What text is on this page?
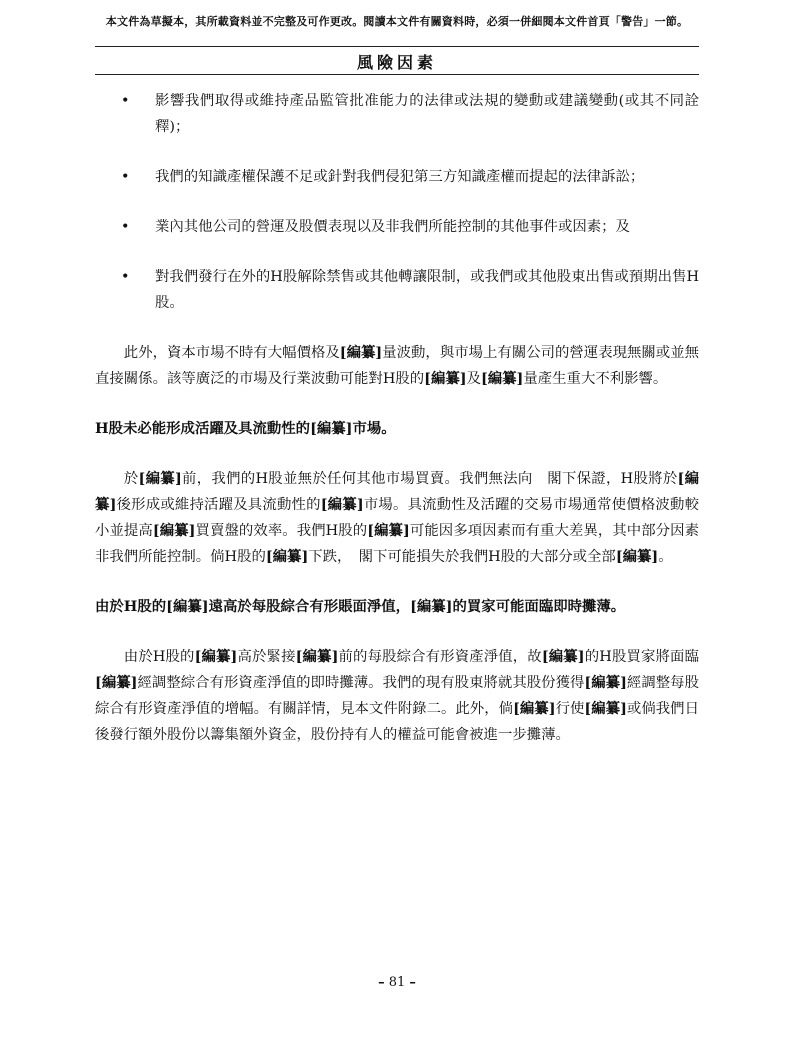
本文件為草擬本，其所載資料並不完整及可作更改。閱讀本文件有關資料時，必須一併細閱本文件首頁「警告」一節。
風險因素
• 影響我們取得或維持產品監管批准能力的法律或法規的變動或建議變動(或其不同詮釋)；
• 我們的知識產權保護不足或針對我們侵犯第三方知識產權而提起的法律訴訟；
• 業內其他公司的營運及股價表現以及非我們所能控制的其他事件或因素；及
• 對我們發行在外的H股解除禁售或其他轉讓限制，或我們或其他股東出售或預期出售H股。

此外，資本市場不時有大幅價格及[編纂]量波動，與市場上有關公司的營運表現無關或並無直接關係。該等廣泛的市場及行業波動可能對H股的[編纂]及[編纂]量產生重大不利影響。

H股未必能形成活躍及具流動性的[編纂]市場。

於[編纂]前，我們的H股並無於任何其他市場買賣。我們無法向　閣下保證，H股將於[編纂]後形成或維持活躍及具流動性的[編纂]市場。具流動性及活躍的交易市場通常使價格波動較小並提高[編纂]買賣盤的效率。我們H股的[編纂]可能因多項因素而有重大差異，其中部分因素非我們所能控制。倘H股的[編纂]下跌，　閣下可能損失於我們H股的大部分或全部[編纂]。

由於H股的[編纂]遠高於每股綜合有形賬面淨值，[編纂]的買家可能面臨即時攤薄。

由於H股的[編纂]高於緊接[編纂]前的每股綜合有形資產淨值，故[編纂]的H股買家將面臨[編纂]經調整綜合有形資產淨值的即時攤薄。我們的現有股東將就其股份獲得[編纂]經調整每股綜合有形資產淨值的增幅。有關詳情，見本文件附錄二。此外，倘[編纂]行使[編纂]或倘我們日後發行額外股份以籌集額外資金，股份持有人的權益可能會被進一步攤薄。

– 81 –
